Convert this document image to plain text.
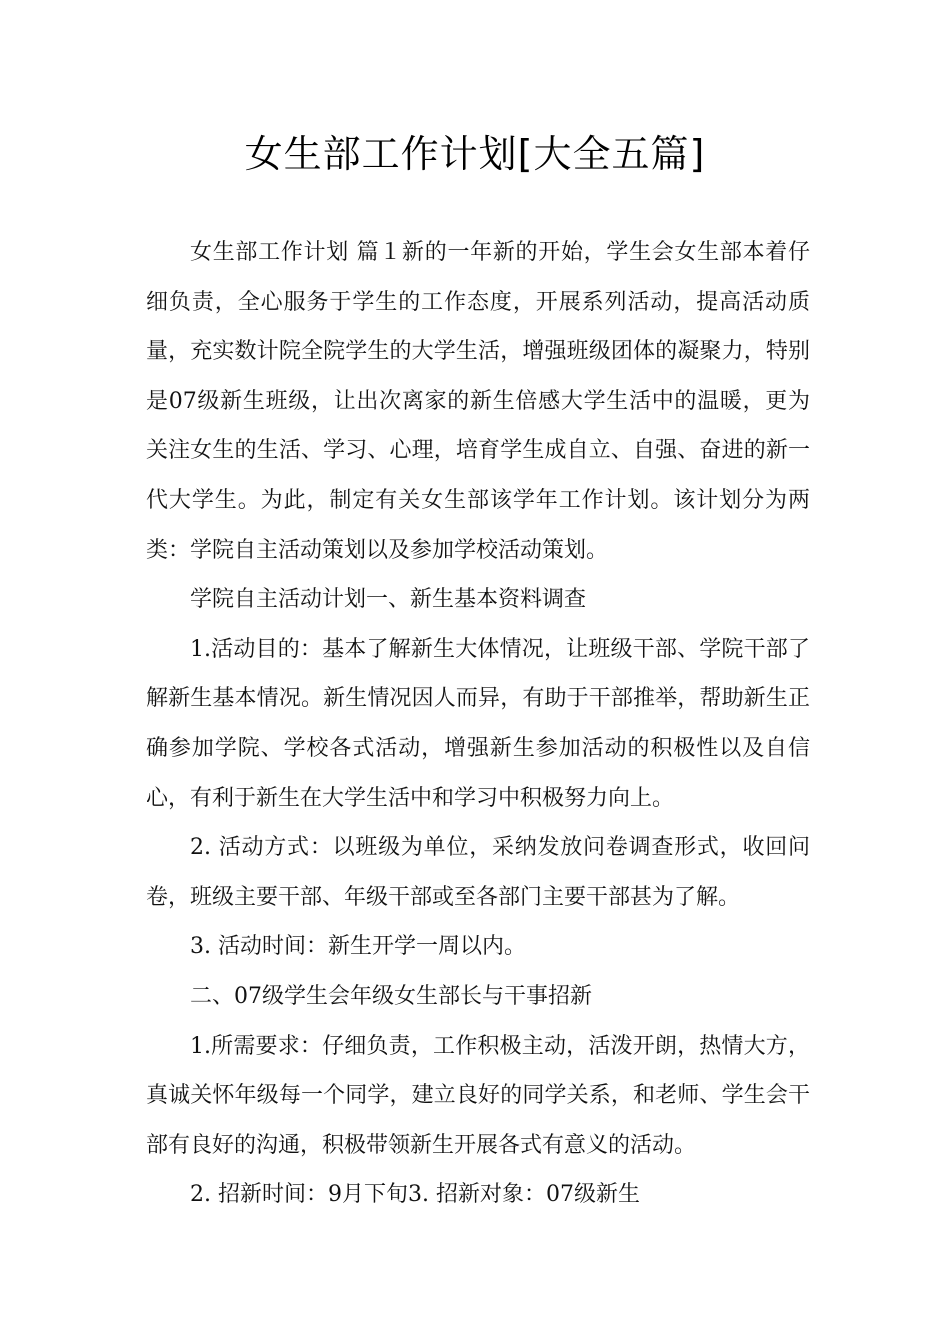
女生部工作计划[大全五篇]

女生部工作计划 篇１新的一年新的开始，学生会女生部本着仔细负责，全心服务于学生的工作态度，开展系列活动，提高活动质量，充实数计院全院学生的大学生活，增强班级团体的凝聚力，特别是07级新生班级，让出次离家的新生倍感大学生活中的温暖，更为关注女生的生活、学习、心理，培育学生成自立、自强、奋进的新一代大学生。为此，制定有关女生部该学年工作计划。该计划分为两类：学院自主活动策划以及参加学校活动策划。

学院自主活动计划一、新生基本资料调查

1.活动目的：基本了解新生大体情况，让班级干部、学院干部了解新生基本情况。新生情况因人而异，有助于干部推举，帮助新生正确参加学院、学校各式活动，增强新生参加活动的积极性以及自信心，有利于新生在大学生活中和学习中积极努力向上。

2. 活动方式：以班级为单位，采纳发放问卷调查形式，收回问卷，班级主要干部、年级干部或至各部门主要干部甚为了解。

3. 活动时间：新生开学一周以内。

二、07级学生会年级女生部长与干事招新

1.所需要求：仔细负责，工作积极主动，活泼开朗，热情大方，真诚关怀年级每一个同学，建立良好的同学关系，和老师、学生会干部有良好的沟通，积极带领新生开展各式有意义的活动。

2. 招新时间：9月下旬3. 招新对象：07级新生
